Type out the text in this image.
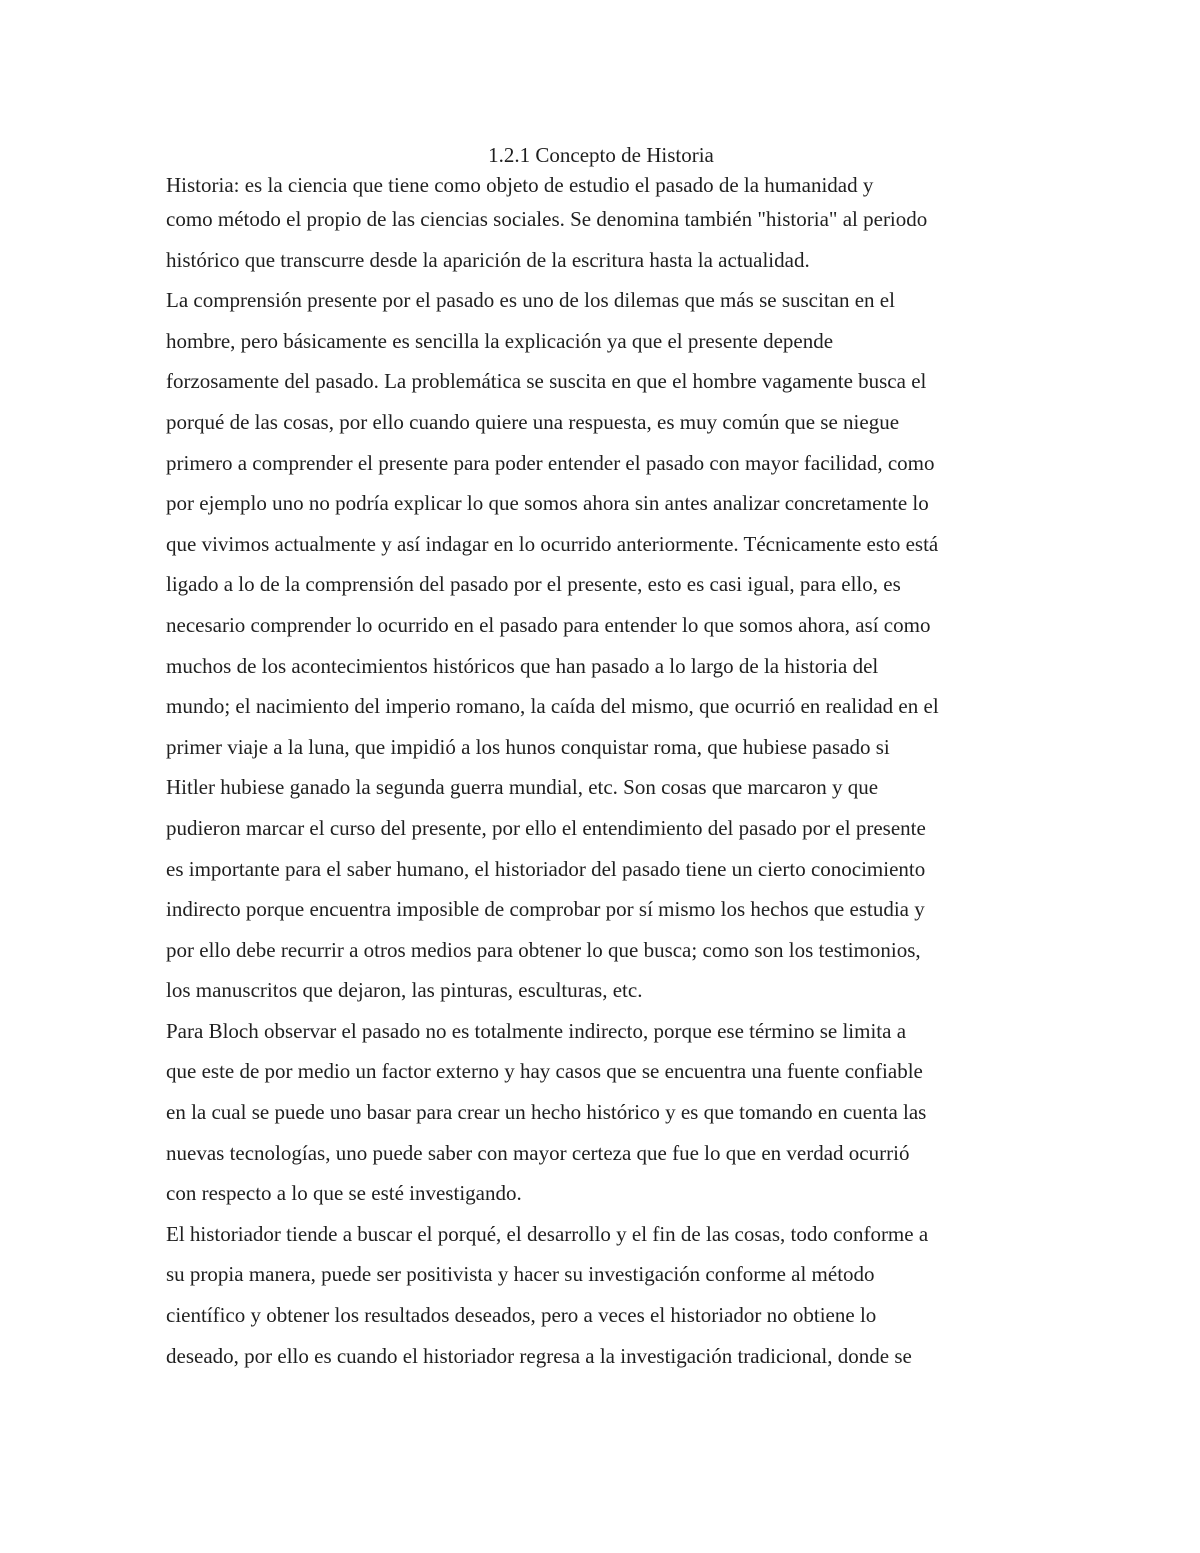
1.2.1 Concepto de Historia
Historia: es la ciencia que tiene como objeto de estudio el pasado de la humanidad y
como método el propio de las ciencias sociales. Se denomina también "historia" al periodo
histórico que transcurre desde la aparición de la escritura hasta la actualidad.
La comprensión presente por el pasado es uno de los dilemas que más se suscitan en el
hombre, pero básicamente es sencilla la explicación ya que el presente depende
forzosamente del pasado. La problemática se suscita en que el hombre vagamente busca el
porqué de las cosas, por ello cuando quiere una respuesta, es muy común que se niegue
primero a comprender el presente para poder entender el pasado con mayor facilidad, como
por ejemplo uno no podría explicar lo que somos ahora sin antes analizar concretamente lo
que vivimos actualmente y así indagar en lo ocurrido anteriormente. Técnicamente esto está
ligado a lo de la comprensión del pasado por el presente, esto es casi igual, para ello, es
necesario comprender lo ocurrido en el pasado para entender lo que somos ahora, así como
muchos de los acontecimientos históricos que han pasado a lo largo de la historia del
mundo; el nacimiento del imperio romano, la caída del mismo, que ocurrió en realidad en el
primer viaje a la luna, que impidió a los hunos conquistar roma, que hubiese pasado si
Hitler hubiese ganado la segunda guerra mundial, etc. Son cosas que marcaron y que
pudieron marcar el curso del presente, por ello el entendimiento del pasado por el presente
es importante para el saber humano, el historiador del pasado tiene un cierto conocimiento
indirecto porque encuentra imposible de comprobar por sí mismo los hechos que estudia y
por ello debe recurrir a otros medios para obtener lo que busca; como son los testimonios,
los manuscritos que dejaron, las pinturas, esculturas, etc.
Para Bloch observar el pasado no es totalmente indirecto, porque ese término se limita a
que este de por medio un factor externo y hay casos que se encuentra una fuente confiable
en la cual se puede uno basar para crear un hecho histórico y es que tomando en cuenta las
nuevas tecnologías, uno puede saber con mayor certeza que fue lo que en verdad ocurrió
con respecto a lo que se esté investigando.
El historiador tiende a buscar el porqué, el desarrollo y el fin de las cosas, todo conforme a
su propia manera, puede ser positivista y hacer su investigación conforme al método
científico y obtener los resultados deseados, pero a veces el historiador no obtiene lo
deseado, por ello es cuando el historiador regresa a la investigación tradicional, donde se
